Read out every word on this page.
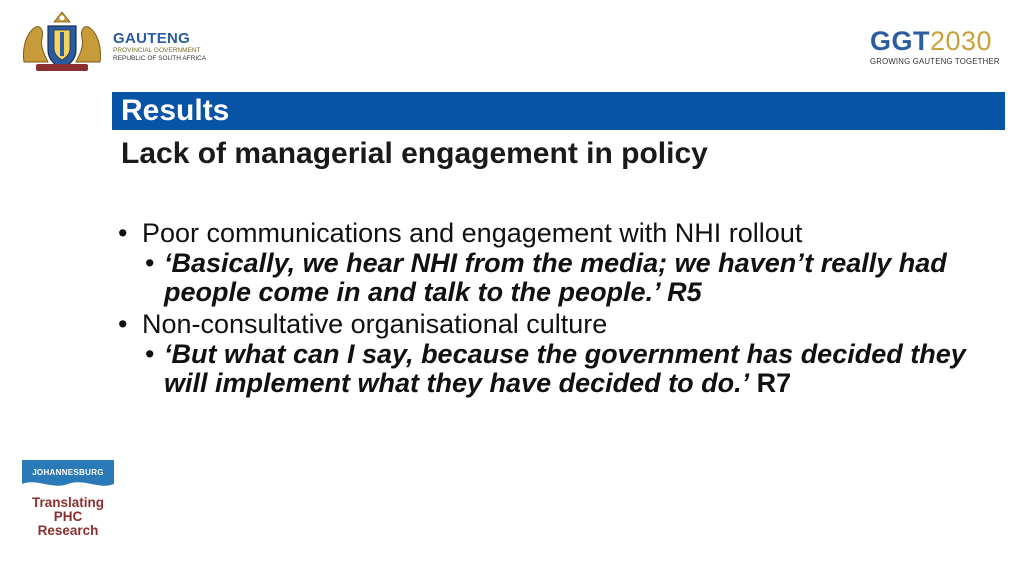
GAUTENG
PROVINCIAL GOVERNMENT
REPUBLIC OF SOUTH AFRICA
GGT2030
GROWING GAUTENG TOGETHER
Results
Lack of managerial engagement in policy
• Poor communications and engagement with NHI rollout
• ‘Basically, we hear NHI from the media; we haven’t really had people come in and talk to the people.’ R5
• Non-consultative organisational culture
• ‘But what can I say, because the government has decided they will implement what they have decided to do.’ R7
JOHANNESBURG
Translating
PHC
Research
